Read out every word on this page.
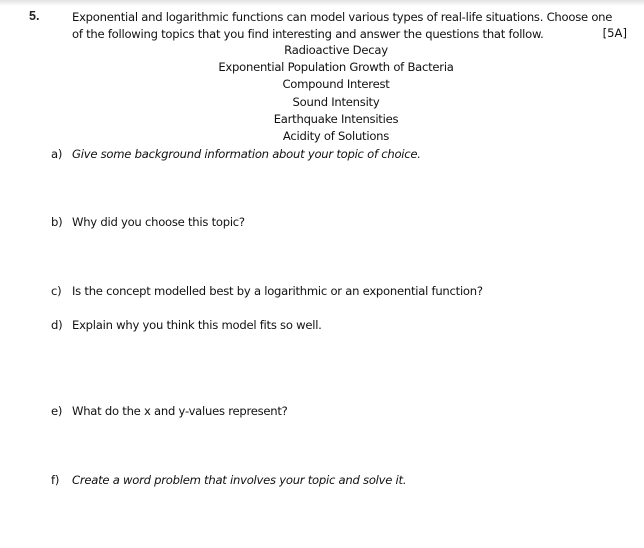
5.	Exponential and logarithmic functions can model various types of real-life situations. Choose one
of the following topics that you find interesting and answer the questions that follow.	[5A]
Radioactive Decay
Exponential Population Growth of Bacteria
Compound Interest
Sound Intensity
Earthquake Intensities
Acidity of Solutions
a) Give some background information about your topic of choice.
b) Why did you choose this topic?
c) Is the concept modelled best by a logarithmic or an exponential function?
d) Explain why you think this model fits so well.
e) What do the x and y-values represent?
f) Create a word problem that involves your topic and solve it.
